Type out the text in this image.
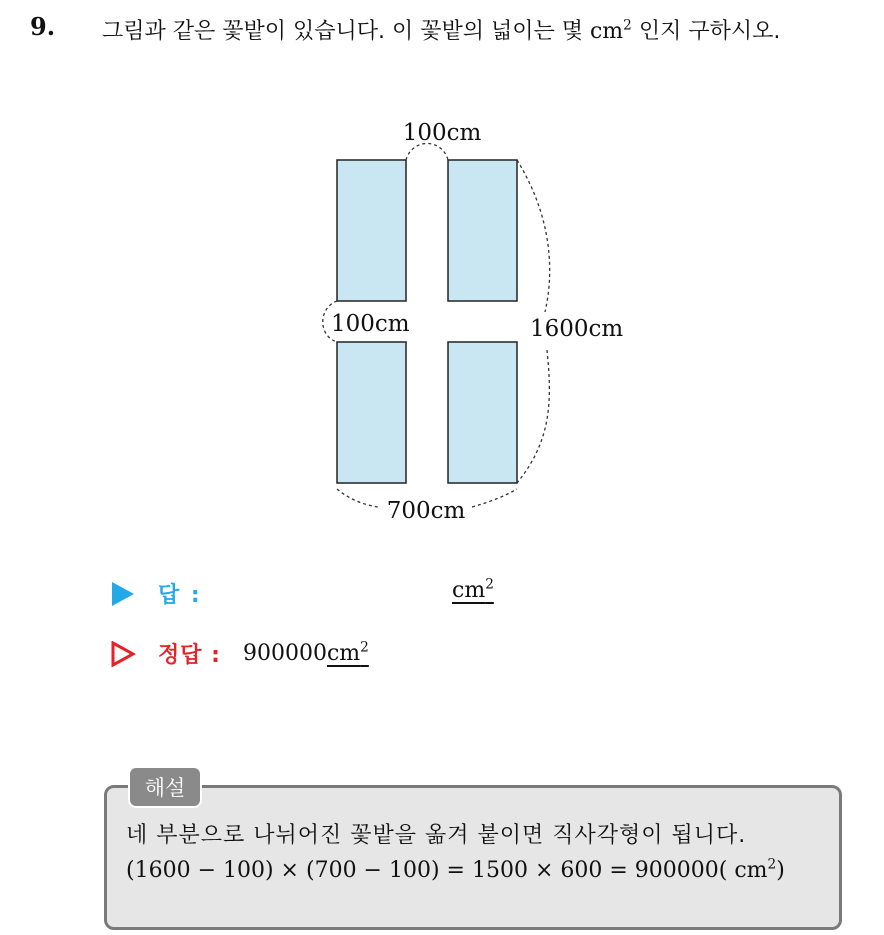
9. 그림과 같은 꽃밭이 있습니다. 이 꽃밭의 넓이는 몇 $cm^2$ 인지 구하시오.
100cm
100cm	1600cm
700cm
답 :	$cm^2$
정답 : $900000cm^2$
해설
네 부분으로 나뉘어진 꽃밭을 옮겨 붙이면 직사각형이 됩니다.
(1600 − 100) × (700 − 100) = 1500 × 600 = 900000( $cm^2$)
